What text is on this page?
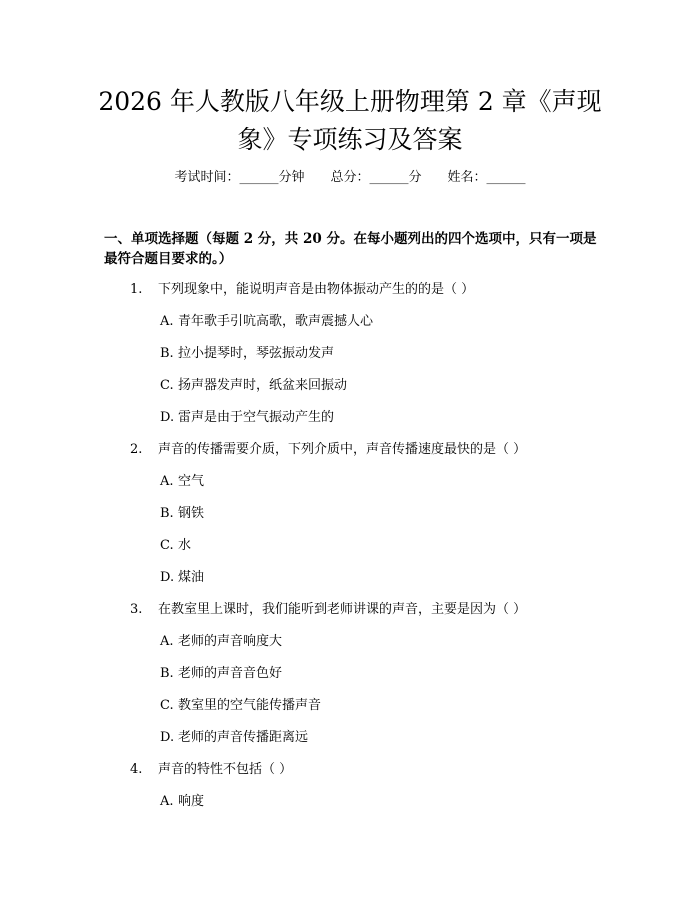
2026 年人教版八年级上册物理第 2 章《声现
象》专项练习及答案
考试时间：______分钟　　总分：______分　　姓名：______

一、单项选择题（每题 2 分，共 20 分。在每小题列出的四个选项中，只有一项是最符合题目要求的。）

1. 下列现象中，能说明声音是由物体振动产生的的是（ ）
A. 青年歌手引吭高歌，歌声震撼人心
B. 拉小提琴时，琴弦振动发声
C. 扬声器发声时，纸盆来回振动
D. 雷声是由于空气振动产生的
2. 声音的传播需要介质，下列介质中，声音传播速度最快的是（ ）
A. 空气
B. 钢铁
C. 水
D. 煤油
3. 在教室里上课时，我们能听到老师讲课的声音，主要是因为（ ）
A. 老师的声音响度大
B. 老师的声音音色好
C. 教室里的空气能传播声音
D. 老师的声音传播距离远
4. 声音的特性不包括（ ）
A. 响度
